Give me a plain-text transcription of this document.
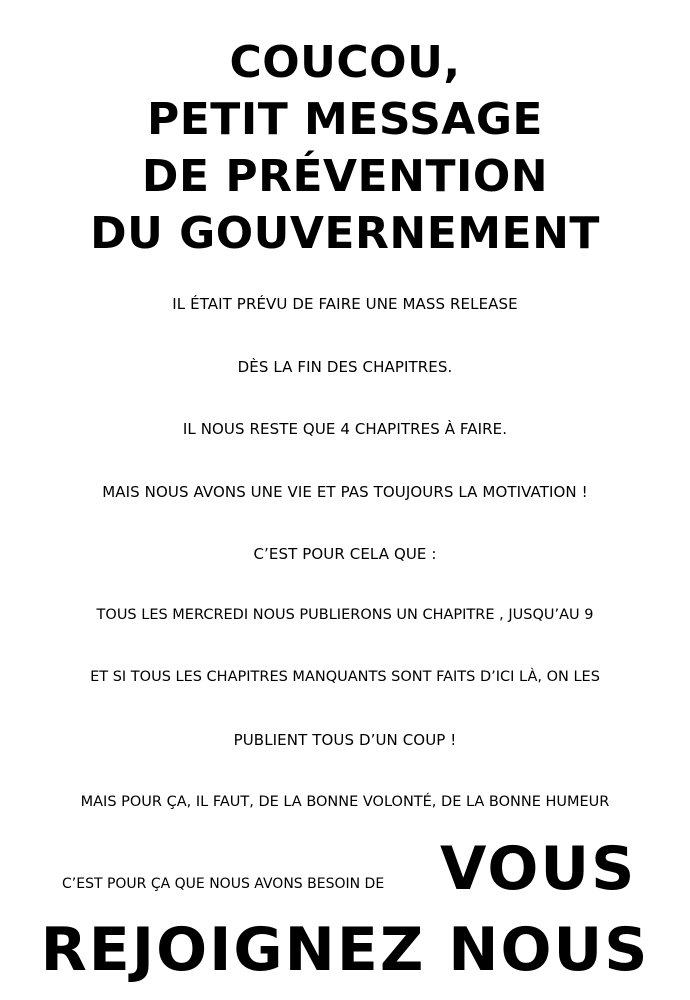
COUCOU,
PETIT MESSAGE
DE PRÉVENTION
DU GOUVERNEMENT
IL ÉTAIT PRÉVU DE FAIRE UNE MASS RELEASE
DÈS LA FIN DES CHAPITRES.
IL NOUS RESTE QUE 4 CHAPITRES À FAIRE.
MAIS NOUS AVONS UNE VIE ET PAS TOUJOURS LA MOTIVATION !
C’EST POUR CELA QUE :
TOUS LES MERCREDI NOUS PUBLIERONS UN CHAPITRE , JUSQU’AU 9
ET SI TOUS LES CHAPITRES MANQUANTS SONT FAITS D’ICI LÀ, ON LES
PUBLIENT TOUS D’UN COUP !
MAIS POUR ÇA, IL FAUT, DE LA BONNE VOLONTÉ, DE LA BONNE HUMEUR
C’EST POUR ÇA QUE NOUS AVONS BESOIN DE VOUS
REJOIGNEZ NOUS
